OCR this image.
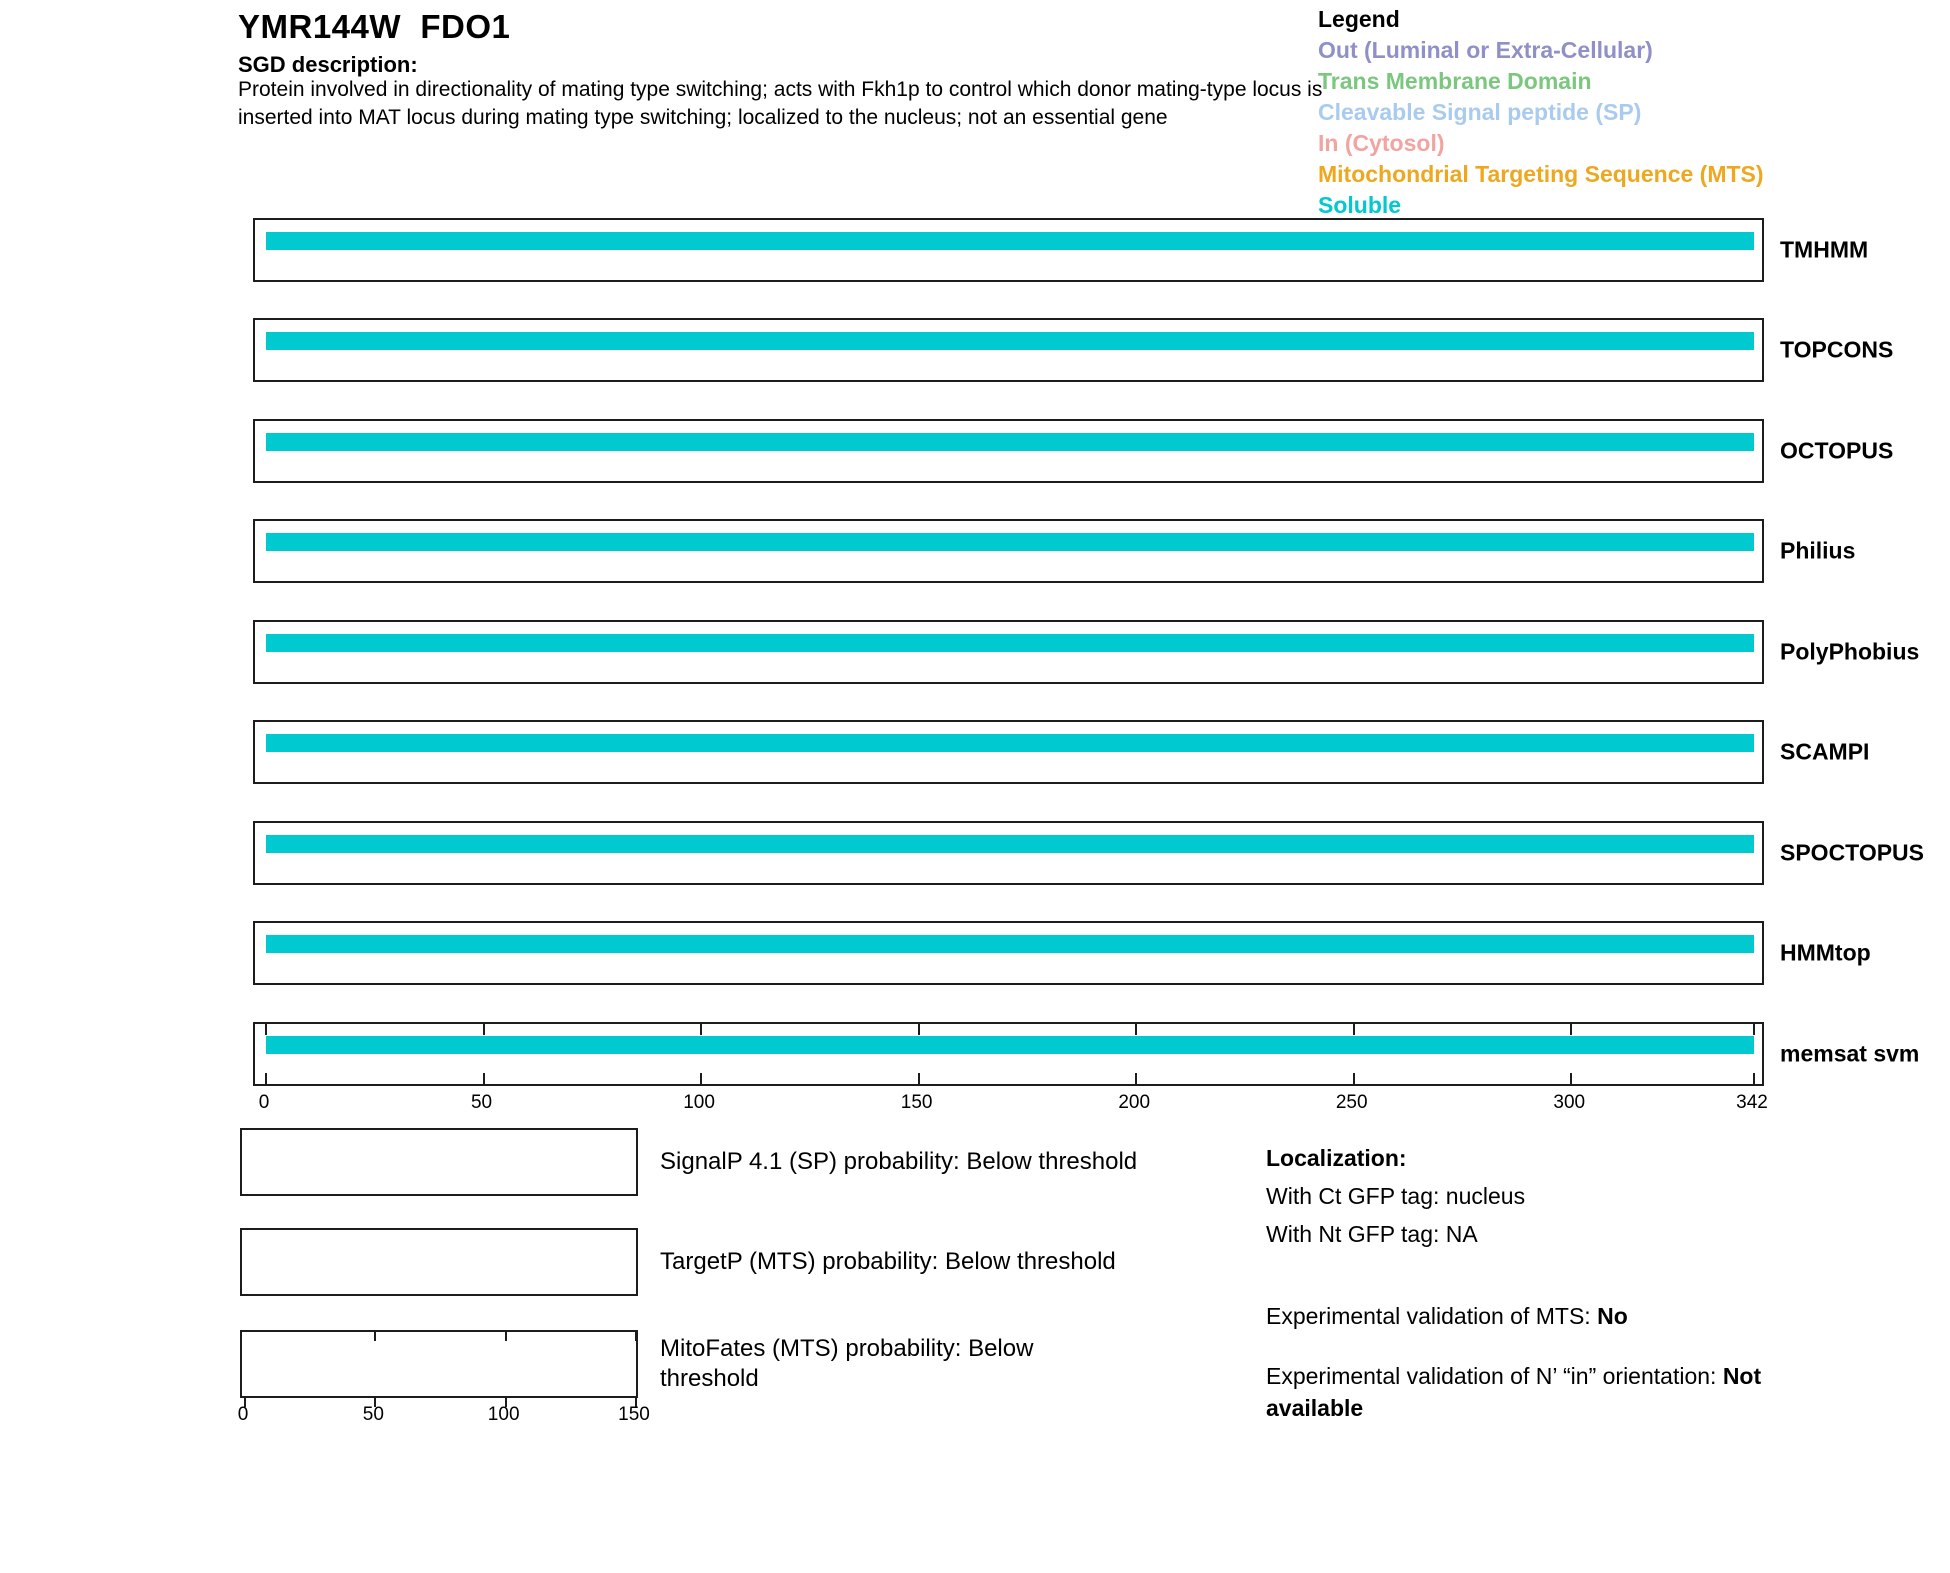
YMR144W  FDO1
SGD description:
Protein involved in directionality of mating type switching; acts with Fkh1p to control which donor mating-type locus is inserted into MAT locus during mating type switching; localized to the nucleus; not an essential gene
Legend
Out (Luminal or Extra-Cellular)
Trans Membrane Domain
Cleavable Signal peptide (SP)
In (Cytosol)
Mitochondrial Targeting Sequence (MTS)
Soluble
TMHMM
TOPCONS
OCTOPUS
Philius
PolyPhobius
SCAMPI
SPOCTOPUS
HMMtop
memsat svm
0	50	100	150	200	250	300	342
SignalP 4.1 (SP) probability: Below threshold
TargetP (MTS) probability: Below threshold
MitoFates (MTS) probability: Below threshold
0	50	100	150
Localization:
With Ct GFP tag: nucleus
With Nt GFP tag: NA
Experimental validation of MTS: No
Experimental validation of N’ “in” orientation: Not available
